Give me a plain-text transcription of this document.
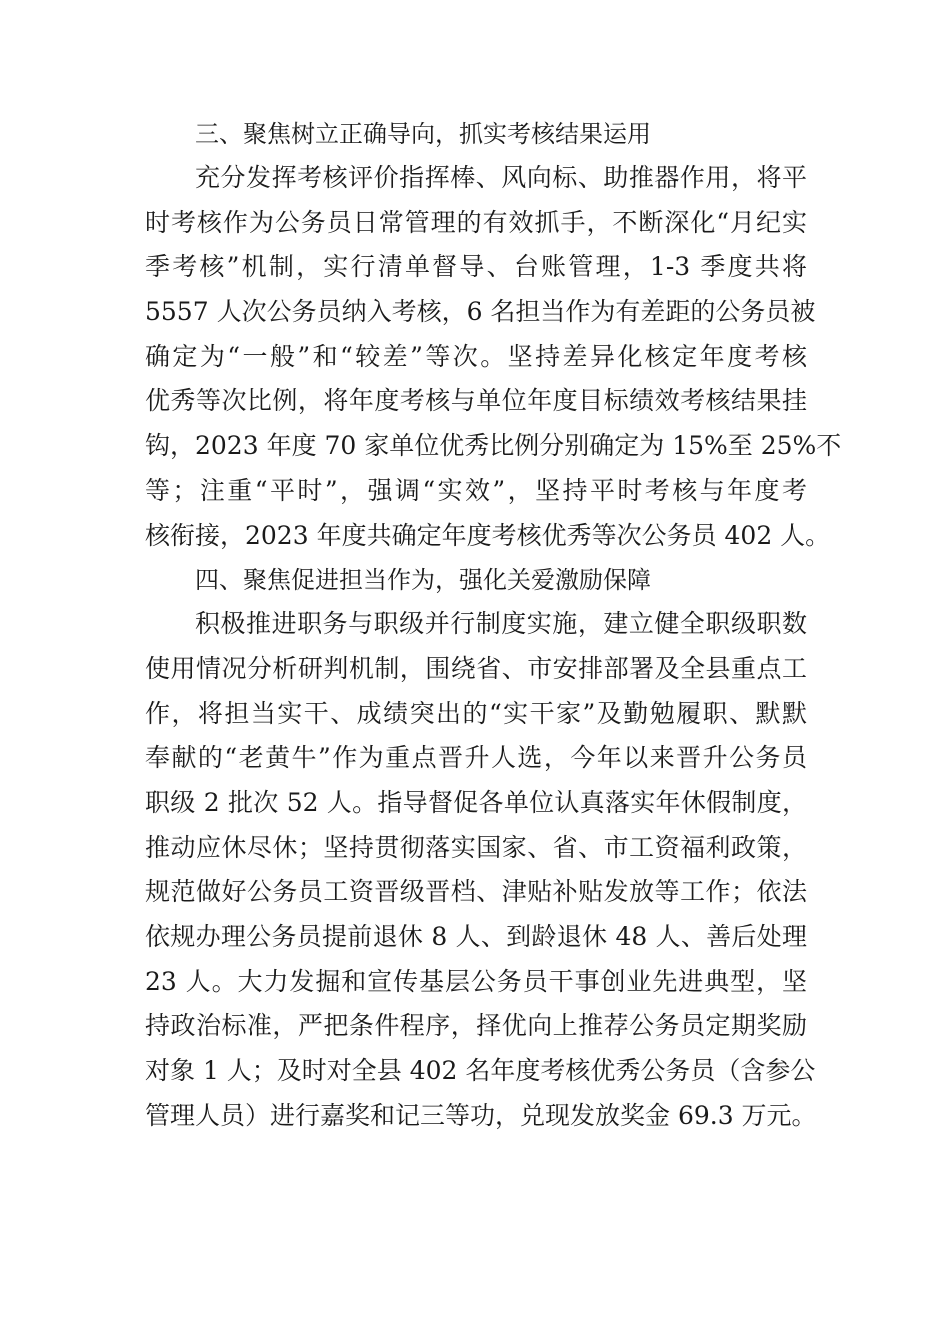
三、聚焦树立正确导向，抓实考核结果运用
充分发挥考核评价指挥棒、风向标、助推器作用，将平
时考核作为公务员日常管理的有效抓手，不断深化“月纪实
季考核”机制，实行清单督导、台账管理，1-3 季度共将
5557 人次公务员纳入考核，6 名担当作为有差距的公务员被
确定为“一般”和“较差”等次。坚持差异化核定年度考核
优秀等次比例，将年度考核与单位年度目标绩效考核结果挂
钩，2023 年度 70 家单位优秀比例分别确定为 15%至 25%不
等；注重“平时”，强调“实效”，坚持平时考核与年度考
核衔接，2023 年度共确定年度考核优秀等次公务员 402 人。
四、聚焦促进担当作为，强化关爱激励保障
积极推进职务与职级并行制度实施，建立健全职级职数
使用情况分析研判机制，围绕省、市安排部署及全县重点工
作，将担当实干、成绩突出的“实干家”及勤勉履职、默默
奉献的“老黄牛”作为重点晋升人选，今年以来晋升公务员
职级 2 批次 52 人。指导督促各单位认真落实年休假制度，
推动应休尽休；坚持贯彻落实国家、省、市工资福利政策，
规范做好公务员工资晋级晋档、津贴补贴发放等工作；依法
依规办理公务员提前退休 8 人、到龄退休 48 人、善后处理
23 人。大力发掘和宣传基层公务员干事创业先进典型，坚
持政治标准，严把条件程序，择优向上推荐公务员定期奖励
对象 1 人；及时对全县 402 名年度考核优秀公务员（含参公
管理人员）进行嘉奖和记三等功，兑现发放奖金 69.3 万元。
